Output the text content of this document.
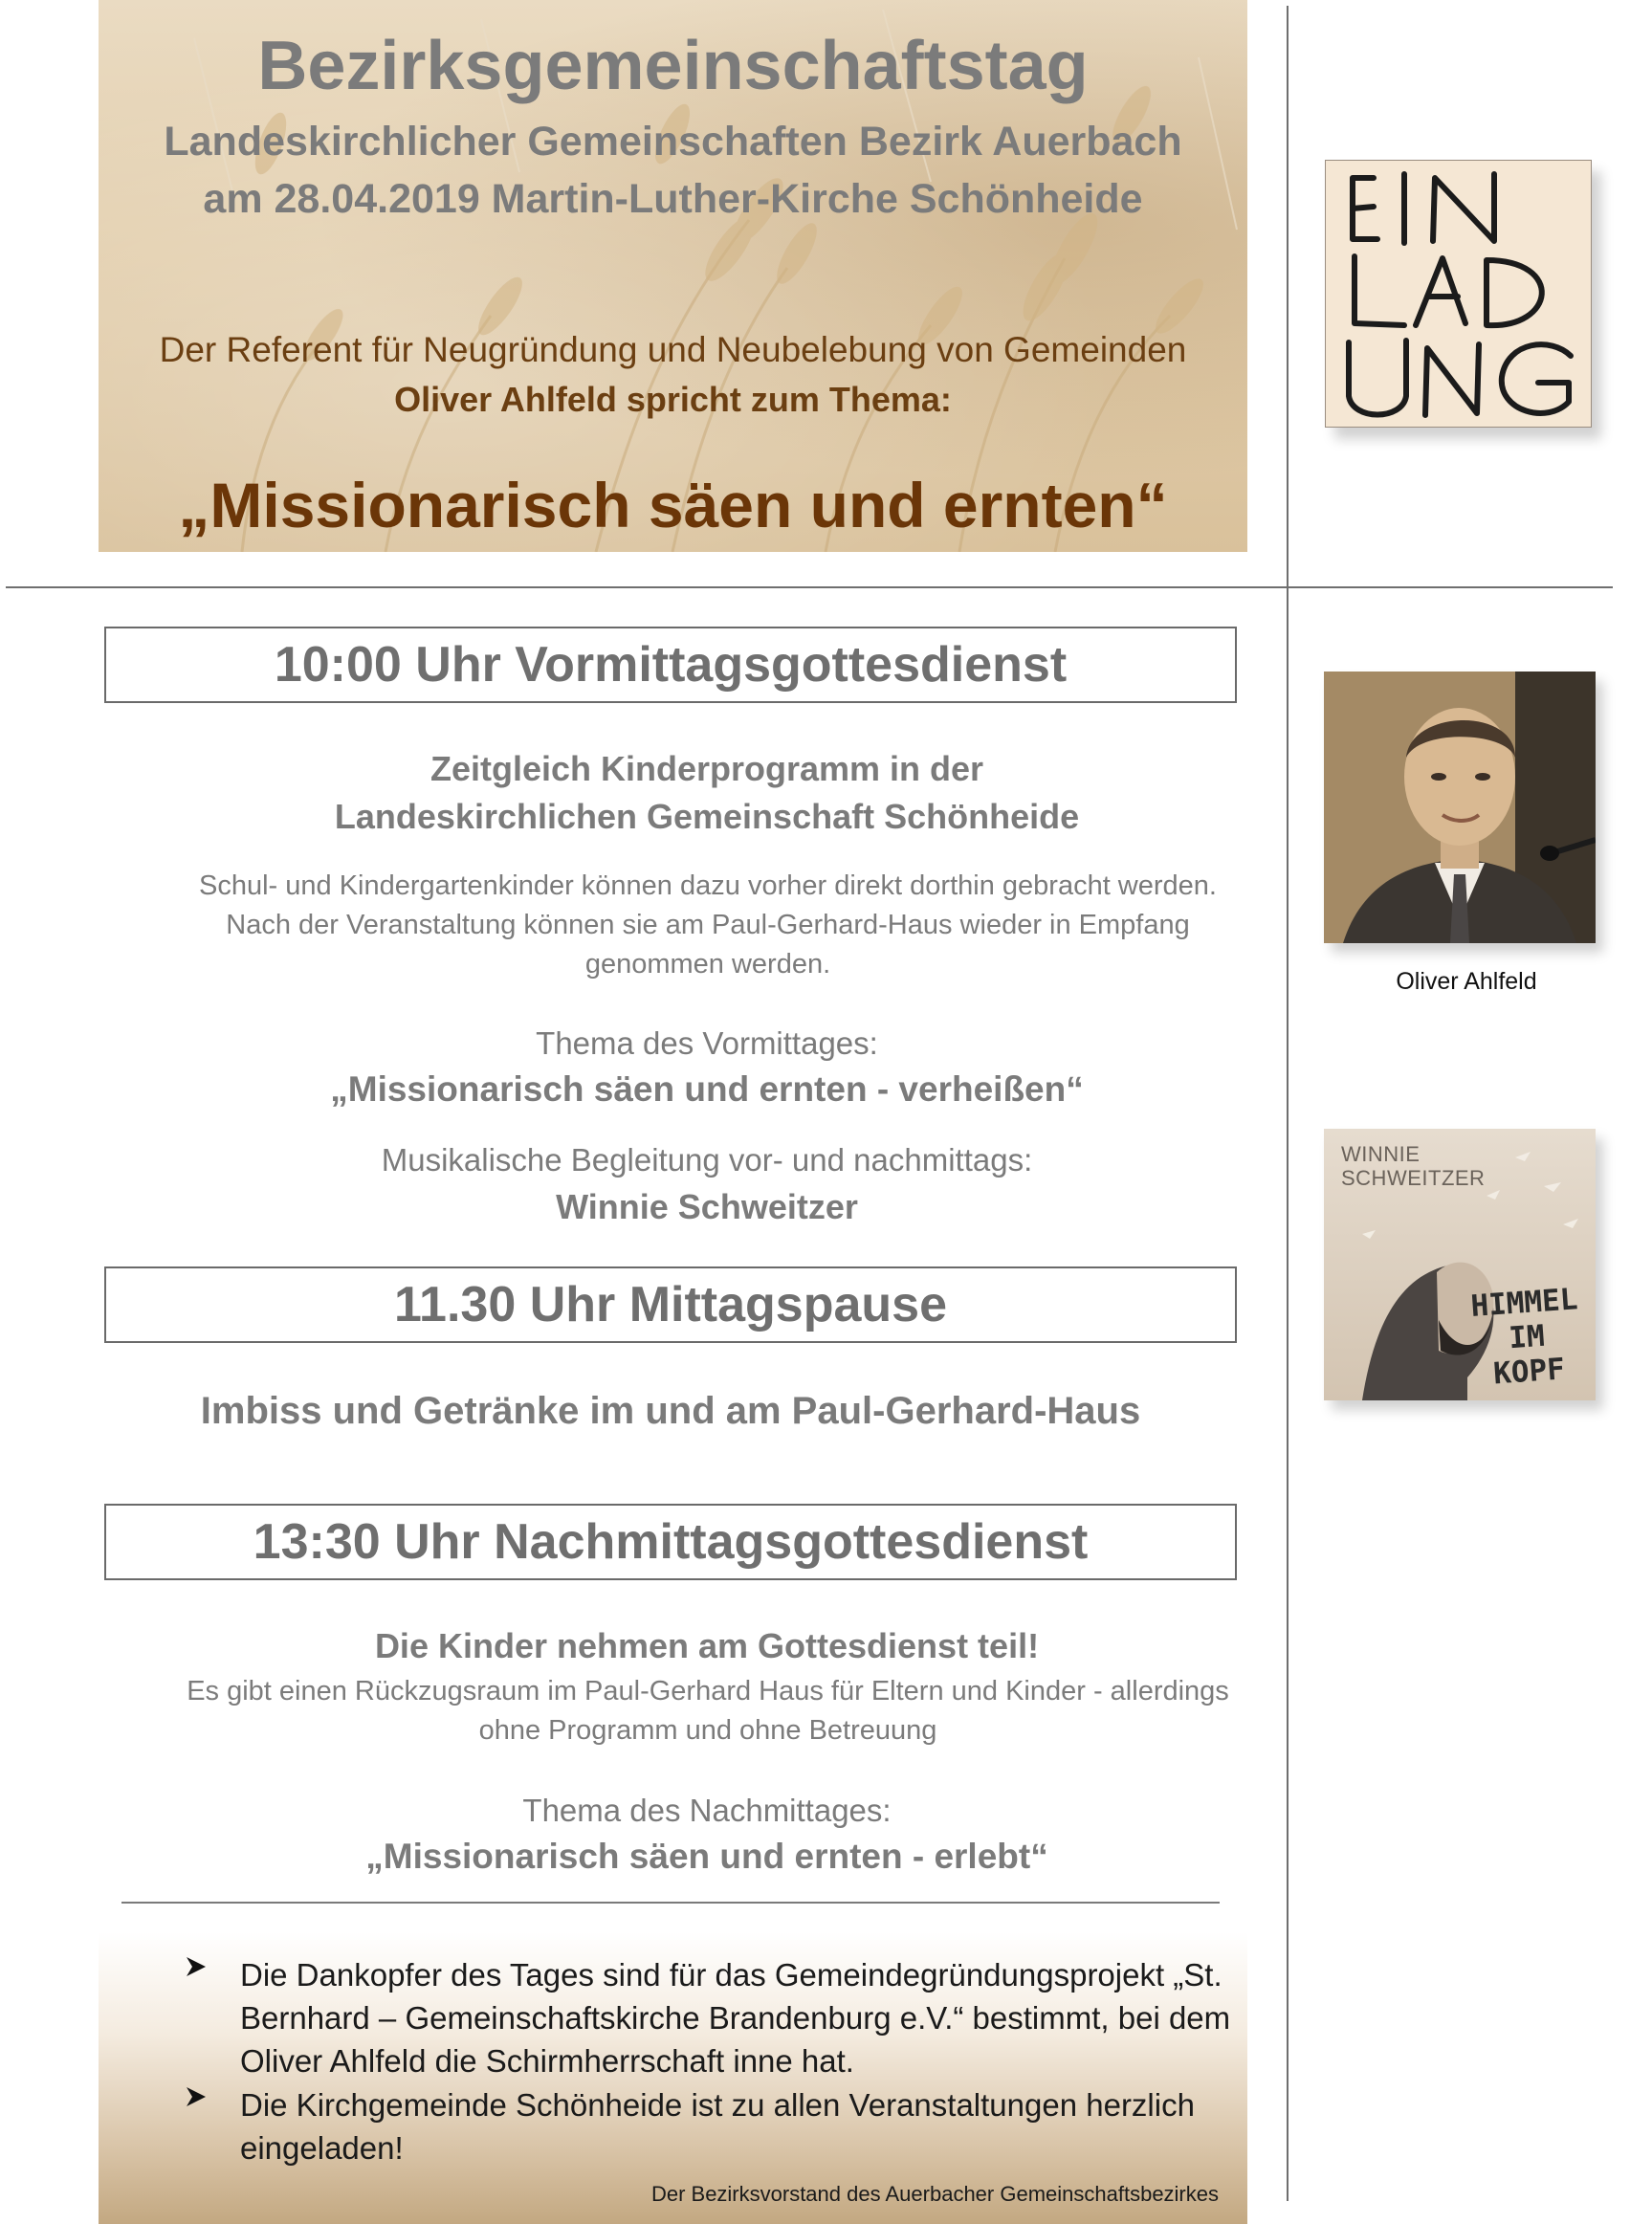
Bezirksgemeinschaftstag
Landeskirchlicher Gemeinschaften Bezirk Auerbach
am 28.04.2019 Martin-Luther-Kirche Schönheide
Der Referent für Neugründung und Neubelebung von Gemeinden
Oliver Ahlfeld spricht zum Thema:
„Missionarisch säen und ernten“
Oliver Ahlfeld
WINNIE
SCHWEITZER
HIMMEL
IM KOPF
10:00 Uhr Vormittagsgottesdienst
Zeitgleich Kinderprogramm in der
Landeskirchlichen Gemeinschaft Schönheide
Schul- und Kindergartenkinder können dazu vorher direkt dorthin gebracht werden. Nach der Veranstaltung können sie am Paul-Gerhard-Haus wieder in Empfang genommen werden.
Thema des Vormittages:
„Missionarisch säen und ernten - verheißen“
Musikalische Begleitung vor- und nachmittags:
Winnie Schweitzer
11.30 Uhr Mittagspause
Imbiss und Getränke im und am Paul-Gerhard-Haus
13:30 Uhr Nachmittagsgottesdienst
Die Kinder nehmen am Gottesdienst teil!
Es gibt einen Rückzugsraum im Paul-Gerhard Haus für Eltern und Kinder - allerdings ohne Programm und ohne Betreuung
Thema des Nachmittages:
„Missionarisch säen und ernten - erlebt“
Die Dankopfer des Tages sind für das Gemeindegründungsprojekt „St. Bernhard – Gemeinschaftskirche Brandenburg e.V.“ bestimmt, bei dem Oliver Ahlfeld die Schirmherrschaft inne hat.
Die Kirchgemeinde Schönheide ist zu allen Veranstaltungen herzlich eingeladen!
Der Bezirksvorstand des Auerbacher Gemeinschaftsbezirkes
